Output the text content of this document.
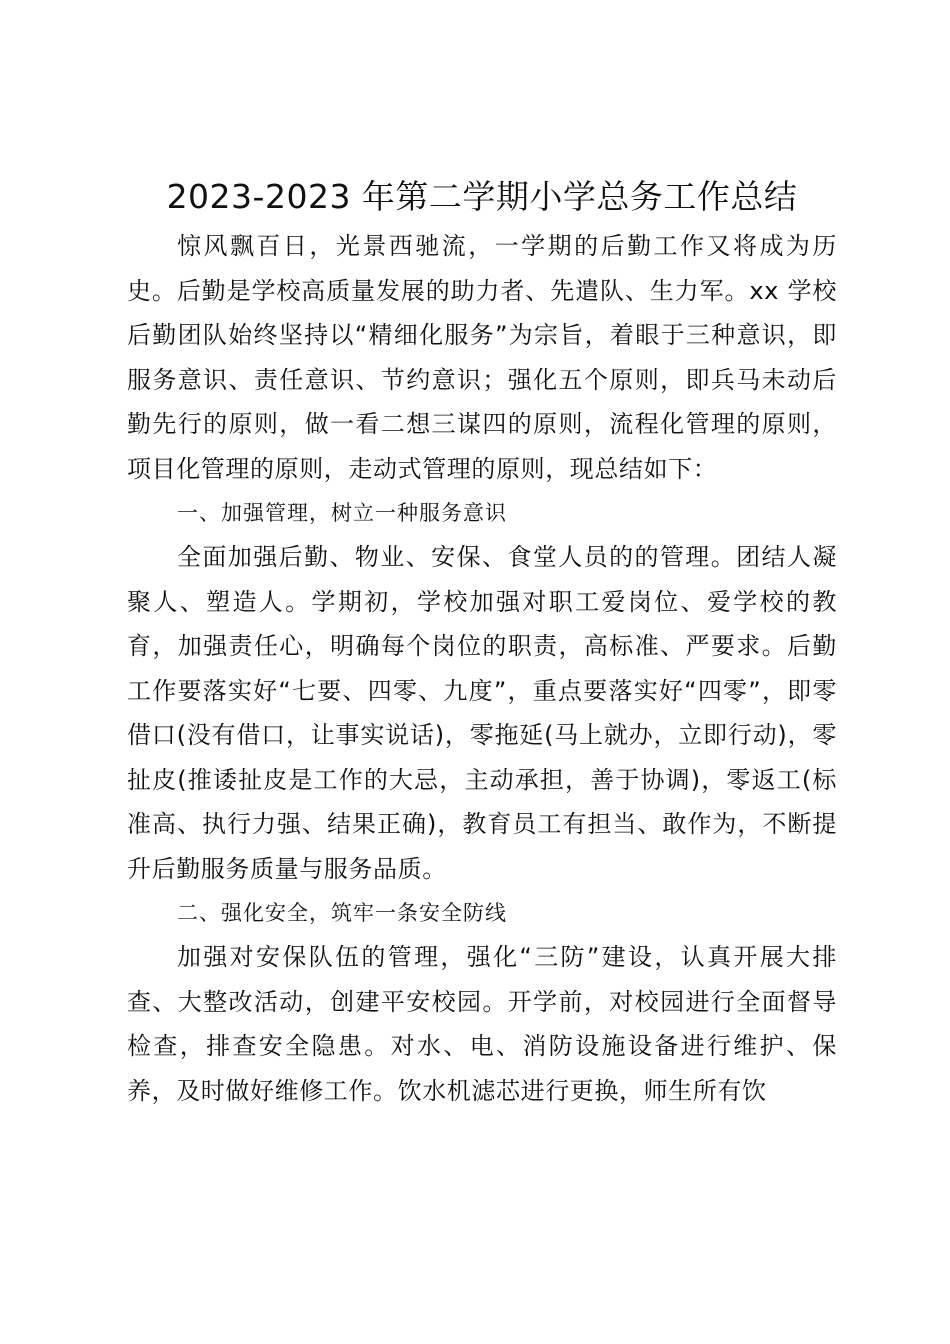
2023-2023 年第二学期小学总务工作总结

惊风飘百日，光景西驰流，一学期的后勤工作又将成为历史。后勤是学校高质量发展的助力者、先遣队、生力军。xx 学校后勤团队始终坚持以“精细化服务”为宗旨，着眼于三种意识，即服务意识、责任意识、节约意识；强化五个原则，即兵马未动后勤先行的原则，做一看二想三谋四的原则，流程化管理的原则，项目化管理的原则，走动式管理的原则，现总结如下：

一、加强管理，树立一种服务意识

全面加强后勤、物业、安保、食堂人员的的管理。团结人凝聚人、塑造人。学期初，学校加强对职工爱岗位、爱学校的教育，加强责任心，明确每个岗位的职责，高标准、严要求。后勤工作要落实好“七要、四零、九度”，重点要落实好“四零”，即零借口(没有借口，让事实说话)，零拖延(马上就办，立即行动)，零扯皮(推诿扯皮是工作的大忌，主动承担，善于协调)，零返工(标准高、执行力强、结果正确)，教育员工有担当、敢作为，不断提升后勤服务质量与服务品质。

二、强化安全，筑牢一条安全防线

加强对安保队伍的管理，强化“三防”建设，认真开展大排查、大整改活动，创建平安校园。开学前，对校园进行全面督导检查，排查安全隐患。对水、电、消防设施设备进行维护、保养，及时做好维修工作。饮水机滤芯进行更换，师生所有饮
